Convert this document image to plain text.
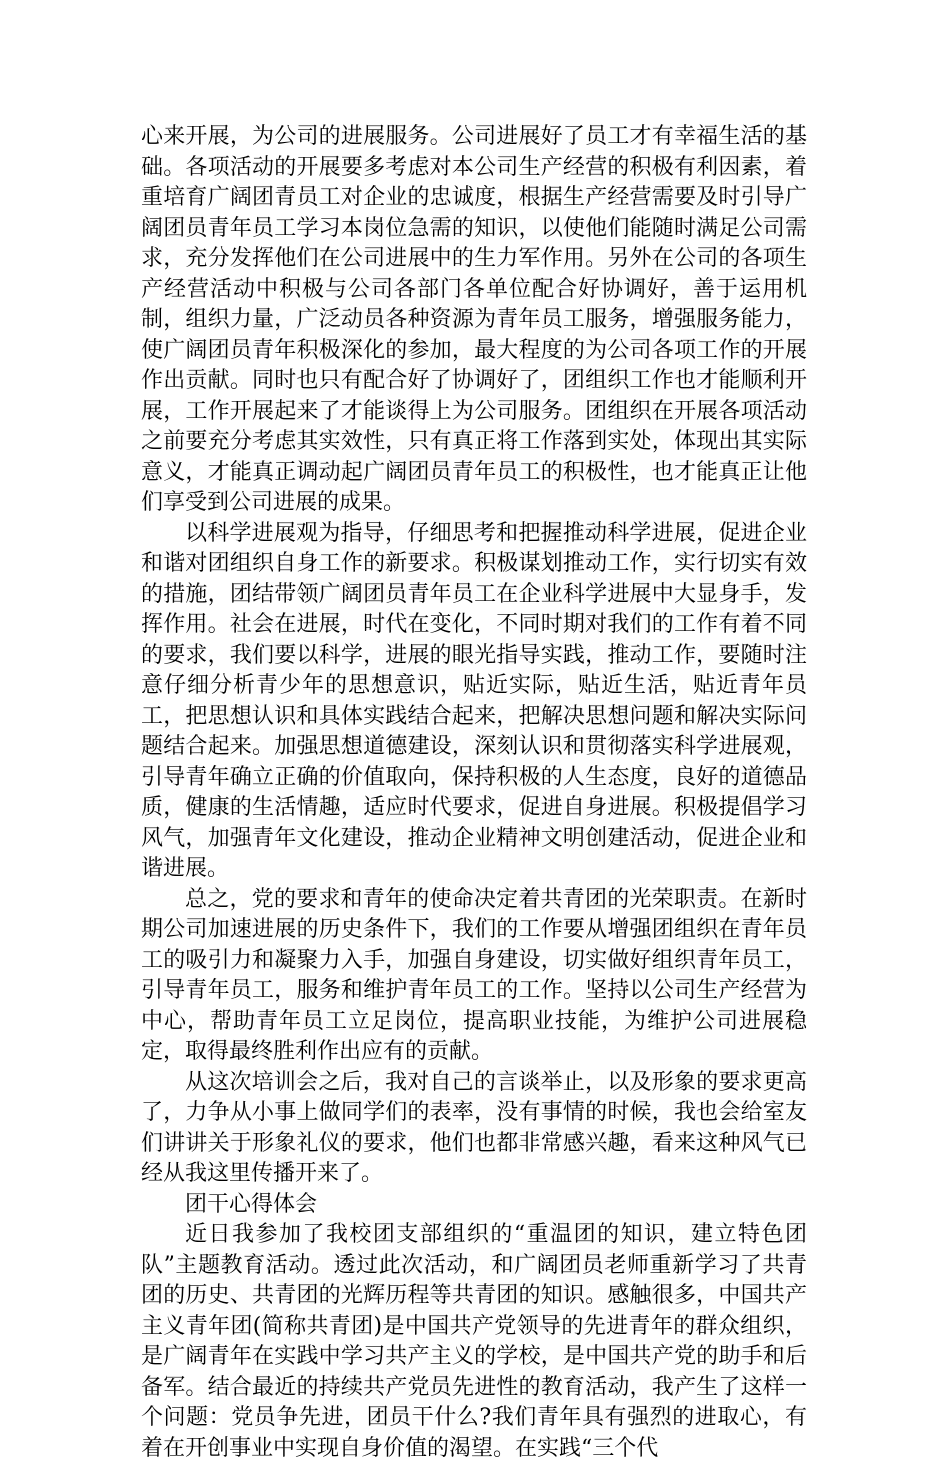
心来开展，为公司的进展服务。公司进展好了员工才有幸福生活的基础。各项活动的开展要多考虑对本公司生产经营的积极有利因素，着重培育广阔团青员工对企业的忠诚度，根据生产经营需要及时引导广阔团员青年员工学习本岗位急需的知识，以使他们能随时满足公司需求，充分发挥他们在公司进展中的生力军作用。另外在公司的各项生产经营活动中积极与公司各部门各单位配合好协调好，善于运用机制，组织力量，广泛动员各种资源为青年员工服务，增强服务能力，使广阔团员青年积极深化的参加，最大程度的为公司各项工作的开展作出贡献。同时也只有配合好了协调好了，团组织工作也才能顺利开展，工作开展起来了才能谈得上为公司服务。团组织在开展各项活动之前要充分考虑其实效性，只有真正将工作落到实处，体现出其实际意义，才能真正调动起广阔团员青年员工的积极性，也才能真正让他们享受到公司进展的成果。

以科学进展观为指导，仔细思考和把握推动科学进展，促进企业和谐对团组织自身工作的新要求。积极谋划推动工作，实行切实有效的措施，团结带领广阔团员青年员工在企业科学进展中大显身手，发挥作用。社会在进展，时代在变化，不同时期对我们的工作有着不同的要求，我们要以科学，进展的眼光指导实践，推动工作，要随时注意仔细分析青少年的思想意识，贴近实际，贴近生活，贴近青年员工，把思想认识和具体实践结合起来，把解决思想问题和解决实际问题结合起来。加强思想道德建设，深刻认识和贯彻落实科学进展观，引导青年确立正确的价值取向，保持积极的人生态度，良好的道德品质，健康的生活情趣，适应时代要求，促进自身进展。积极提倡学习风气，加强青年文化建设，推动企业精神文明创建活动，促进企业和谐进展。

总之，党的要求和青年的使命决定着共青团的光荣职责。在新时期公司加速进展的历史条件下，我们的工作要从增强团组织在青年员工的吸引力和凝聚力入手，加强自身建设，切实做好组织青年员工，引导青年员工，服务和维护青年员工的工作。坚持以公司生产经营为中心，帮助青年员工立足岗位，提高职业技能，为维护公司进展稳定，取得最终胜利作出应有的贡献。

从这次培训会之后，我对自己的言谈举止，以及形象的要求更高了，力争从小事上做同学们的表率，没有事情的时候，我也会给室友们讲讲关于形象礼仪的要求，他们也都非常感兴趣，看来这种风气已经从我这里传播开来了。

团干心得体会

近日我参加了我校团支部组织的“重温团的知识，建立特色团队”主题教育活动。透过此次活动，和广阔团员老师重新学习了共青团的历史、共青团的光辉历程等共青团的知识。感触很多，中国共产主义青年团(简称共青团)是中国共产党领导的先进青年的群众组织，是广阔青年在实践中学习共产主义的学校，是中国共产党的助手和后备军。结合最近的持续共产党员先进性的教育活动，我产生了这样一个问题：党员争先进，团员干什么?我们青年具有强烈的进取心，有着在开创事业中实现自身价值的渴望。在实践“三个代
